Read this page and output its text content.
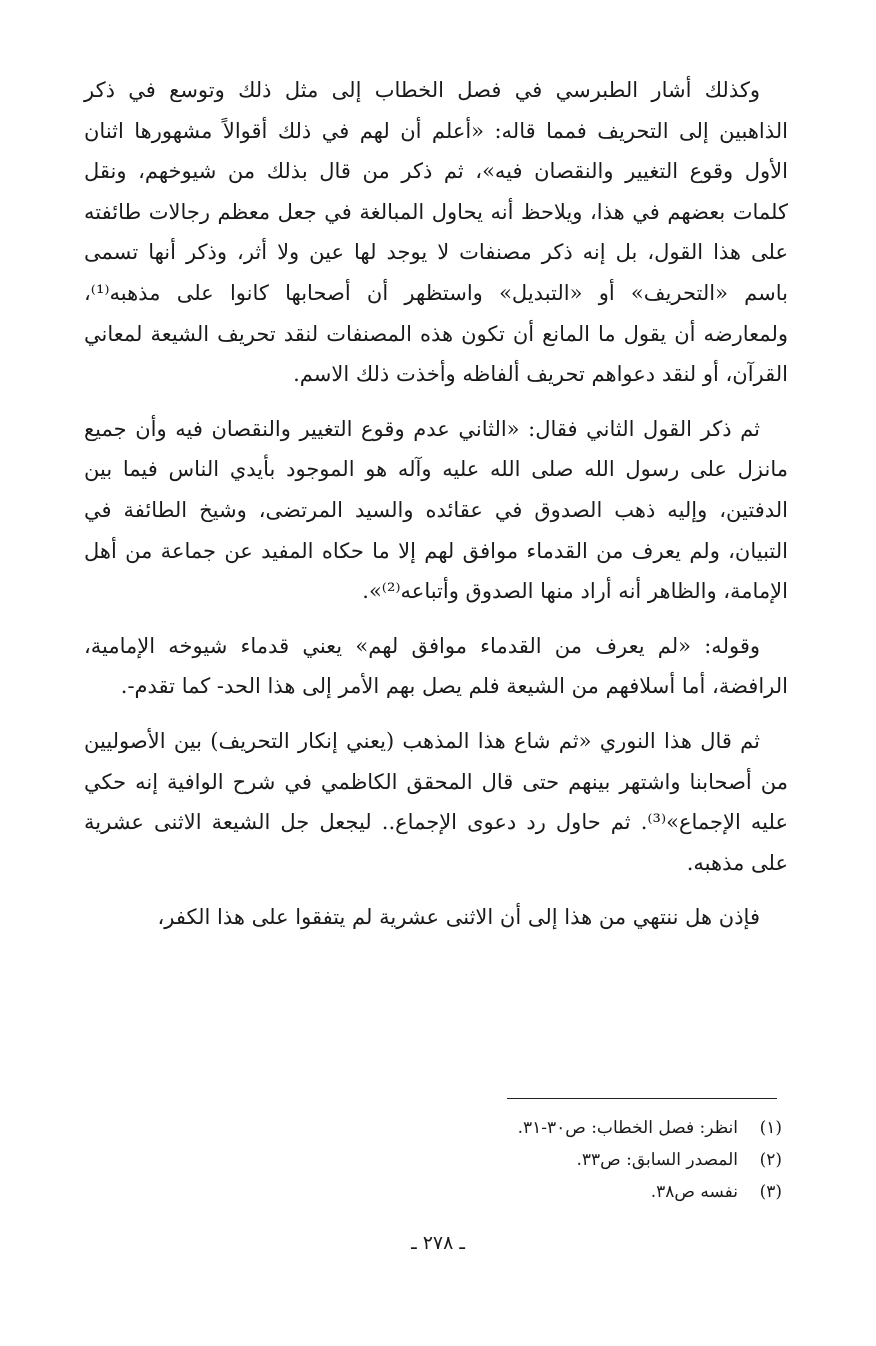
وكذلك أشار الطبرسي في فصل الخطاب إلى مثل ذلك وتوسع في ذكر الذاهبين إلى التحريف فمما قاله: «أعلم أن لهم في ذلك أقوالاً مشهورها اثنان الأول وقوع التغيير والنقصان فيه»، ثم ذكر من قال بذلك من شيوخهم، ونقل كلمات بعضهم في هذا، ويلاحظ أنه يحاول المبالغة في جعل معظم رجالات طائفته على هذا القول، بل إنه ذكر مصنفات لا يوجد لها عين ولا أثر، وذكر أنها تسمى باسم «التحريف» أو «التبديل» واستظهر أن أصحابها كانوا على مذهبه⁽¹⁾، ولمعارضه أن يقول ما المانع أن تكون هذه المصنفات لنقد تحريف الشيعة لمعاني القرآن، أو لنقد دعواهم تحريف ألفاظه وأخذت ذلك الاسم.

ثم ذكر القول الثاني فقال: «الثاني عدم وقوع التغيير والنقصان فيه وأن جميع مانزل على رسول الله صلى الله عليه وآله هو الموجود بأيدي الناس فيما بين الدفتين، وإليه ذهب الصدوق في عقائده والسيد المرتضى، وشيخ الطائفة في التبيان، ولم يعرف من القدماء موافق لهم إلا ما حكاه المفيد عن جماعة من أهل الإمامة، والظاهر أنه أراد منها الصدوق وأتباعه⁽²⁾».

وقوله: «لم يعرف من القدماء موافق لهم» يعني قدماء شيوخه الإمامية، الرافضة، أما أسلافهم من الشيعة فلم يصل بهم الأمر إلى هذا الحد- كما تقدم-.

ثم قال هذا النوري «ثم شاع هذا المذهب (يعني إنكار التحريف) بين الأصوليين من أصحابنا واشتهر بينهم حتى قال المحقق الكاظمي في شرح الوافية إنه حكي عليه الإجماع»⁽³⁾. ثم حاول رد دعوى الإجماع.. ليجعل جل الشيعة الاثنى عشرية على مذهبه.

فإذن هل ننتهي من هذا إلى أن الاثنى عشرية لم يتفقوا على هذا الكفر،

(١)انظر: فصل الخطاب: ص٣٠-٣١.
(٢)المصدر السابق: ص٣٣.
(٣)نفسه ص٣٨.
ـ ٢٧٨ ـ
